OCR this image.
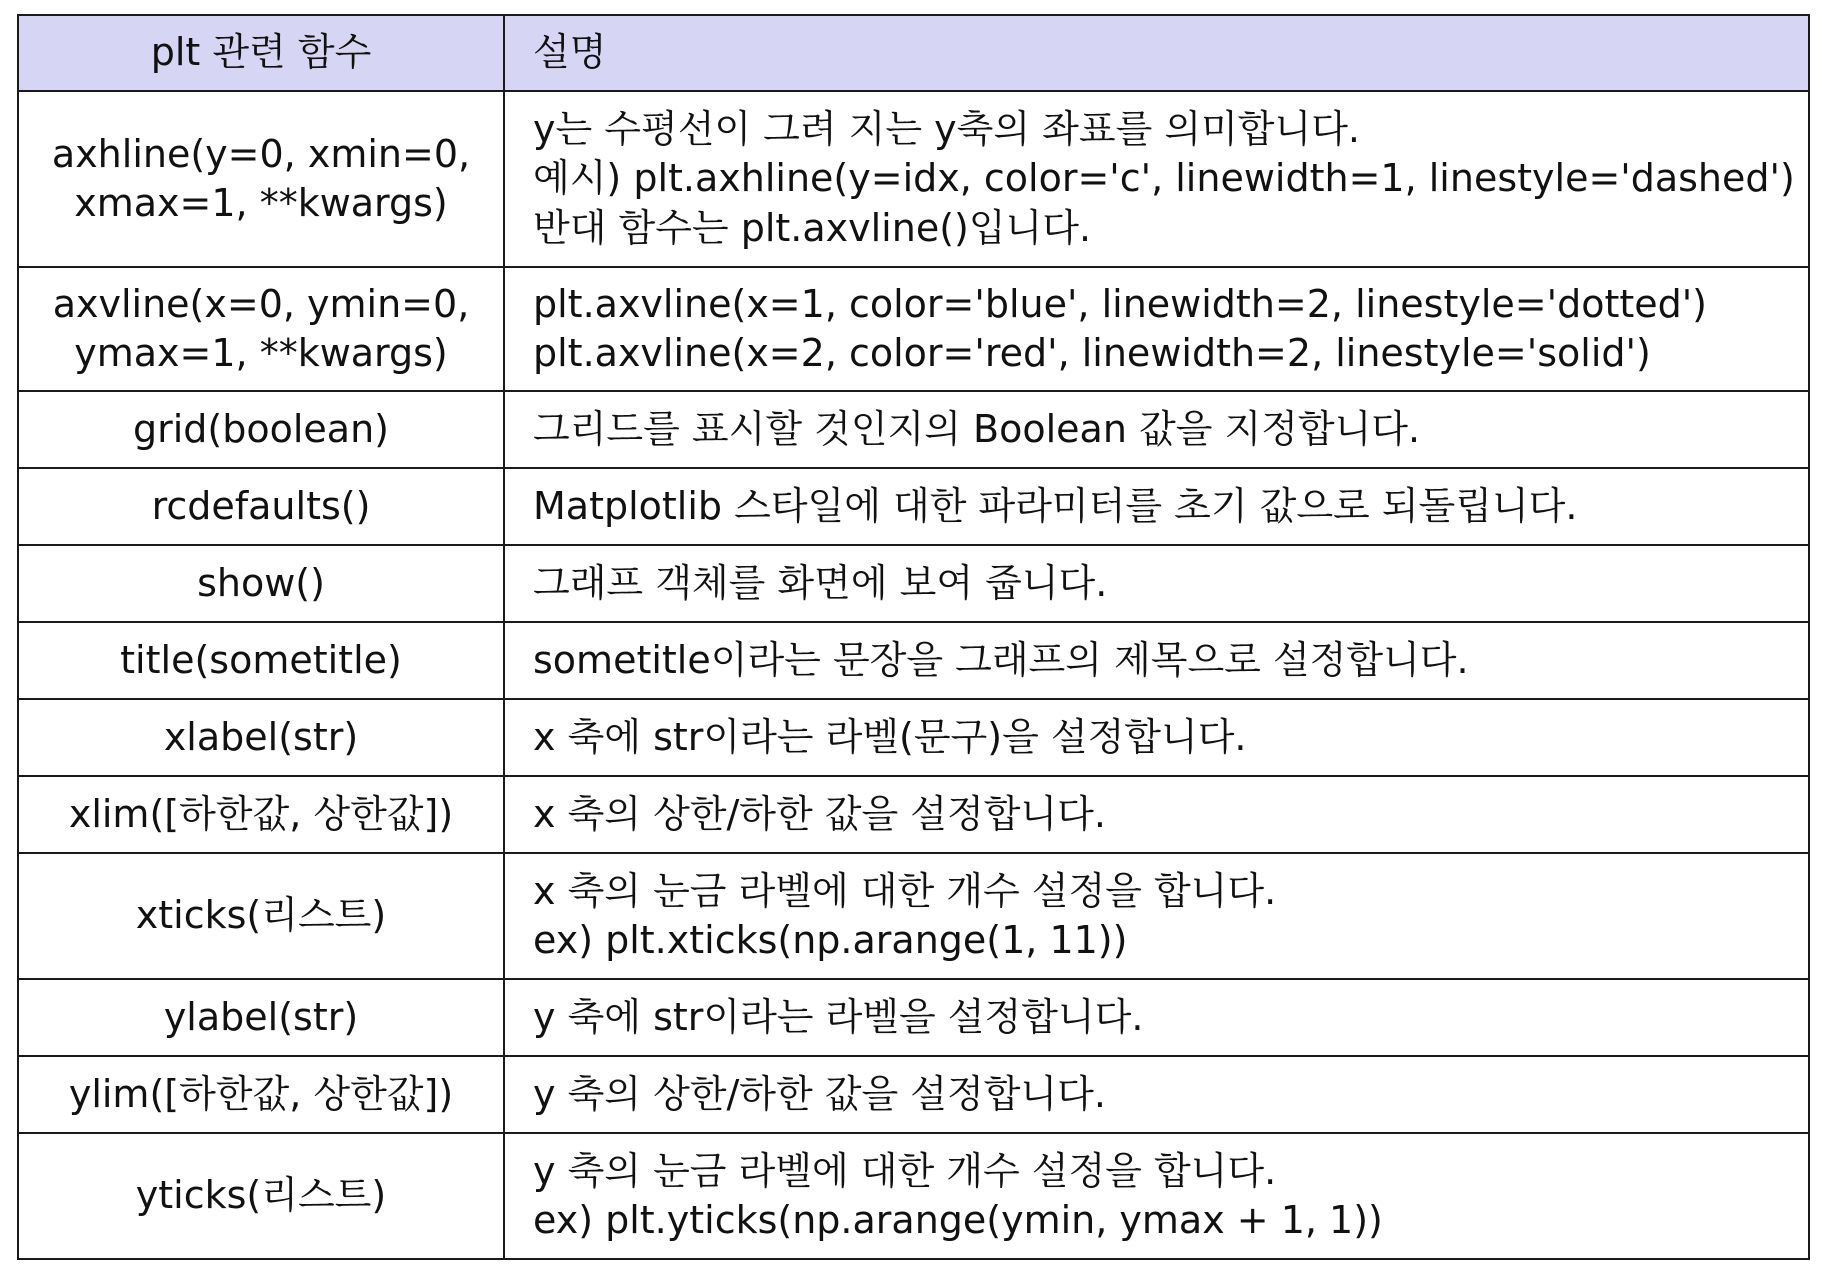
plt 관련 함수	설명

axhline(y=0, xmin=0,
xmax=1, **kwargs)	y는 수평선이 그려 지는 y축의 좌표를 의미합니다.
예시) plt.axhline(y=idx, color='c', linewidth=1, linestyle='dashed')
반대 함수는 plt.axvline()입니다.

axvline(x=0, ymin=0,
ymax=1, **kwargs)	plt.axvline(x=1, color='blue', linewidth=2, linestyle='dotted')
plt.axvline(x=2, color='red', linewidth=2, linestyle='solid')

grid(boolean)	그리드를 표시할 것인지의 Boolean 값을 지정합니다.

rcdefaults()	Matplotlib 스타일에 대한 파라미터를 초기 값으로 되돌립니다.

show()	그래프 객체를 화면에 보여 줍니다.

title(sometitle)	sometitle이라는 문장을 그래프의 제목으로 설정합니다.

xlabel(str)	x 축에 str이라는 라벨(문구)을 설정합니다.

xlim([하한값, 상한값])	x 축의 상한/하한 값을 설정합니다.

xticks(리스트)	x 축의 눈금 라벨에 대한 개수 설정을 합니다.
ex) plt.xticks(np.arange(1, 11))

ylabel(str)	y 축에 str이라는 라벨을 설정합니다.

ylim([하한값, 상한값])	y 축의 상한/하한 값을 설정합니다.

yticks(리스트)	y 축의 눈금 라벨에 대한 개수 설정을 합니다.
ex) plt.yticks(np.arange(ymin, ymax + 1, 1))
